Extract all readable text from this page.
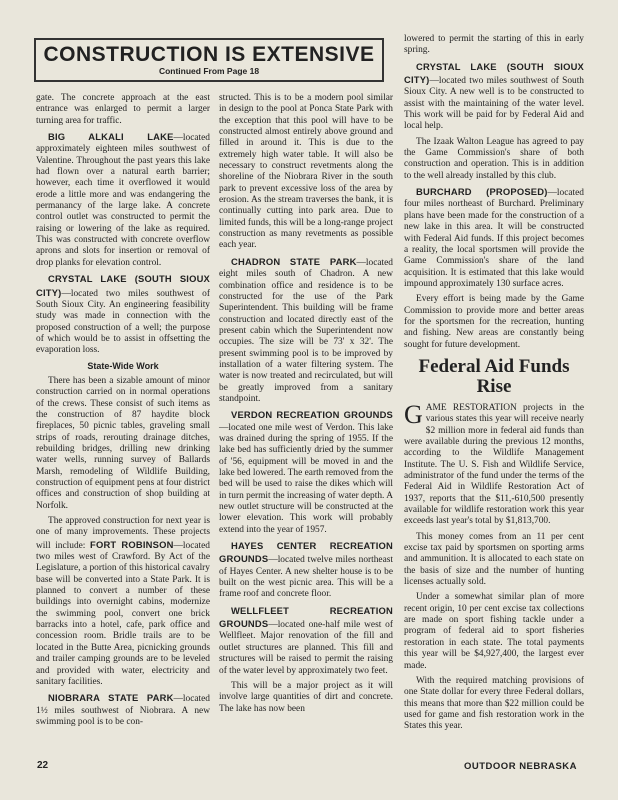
CONSTRUCTION IS EXTENSIVE
Continued From Page 18

gate. The concrete approach at the east entrance was enlarged to permit a larger turning area for traffic.

BIG ALKALI LAKE—located approximately eighteen miles southwest of Valentine. Throughout the past years this lake had flown over a natural earth barrier; however, each time it overflowed it would erode a little more and was endangering the permanancy of the large lake. A concrete control outlet was constructed to permit the raising or lowering of the lake as required. This was constructed with concrete overflow aprons and slots for insertion or removal of drop planks for elevation control.

CRYSTAL LAKE (SOUTH SIOUX CITY)—located two miles southwest of South Sioux City. An engineering feasibility study was made in connection with the proposed construction of a well; the purpose of which would be to assist in offsetting the evaporation loss.

State-Wide Work

There has been a sizable amount of minor construction carried on in normal operations of the crews. These consist of such items as the construction of 87 haydite block fireplaces, 50 picnic tables, graveling small strips of roads, rerouting drainage ditches, rebuilding bridges, drilling new drinking water wells, running survey of Ballards Marsh, remodeling of Wildlife Building, construction of equipment pens at four district offices and construction of shop building at Norfolk.

The approved construction for next year is one of many improvements. These projects will include: FORT ROBINSON—located two miles west of Crawford. By Act of the Legislature, a portion of this historical cavalry base will be converted into a State Park. It is planned to convert a number of these buildings into overnight cabins, modernize the swimming pool, convert one brick barracks into a hotel, cafe, park office and concession room. Bridle trails are to be located in the Butte Area, picnicking grounds and trailer camping grounds are to be leveled and provided with water, electricity and sanitary facilities.

NIOBRARA STATE PARK—located 1½ miles southwest of Niobrara. A new swimming pool is to be con-

structed. This is to be a modern pool similar in design to the pool at Ponca State Park with the exception that this pool will have to be constructed almost entirely above ground and filled in around it. This is due to the extremely high water table. It will also be necessary to construct revetments along the shoreline of the Niobrara River in the south park to prevent excessive loss of the area by erosion. As the stream traverses the bank, it is continually cutting into park area. Due to limited funds, this will be a long-range project construction as many revetments as possible each year.

CHADRON STATE PARK—located eight miles south of Chadron. A new combination office and residence is to be constructed for the use of the Park Superintendent. This building will be frame construction and located directly east of the present cabin which the Superintendent now occupies. The size will be 73' x 32'. The present swimming pool is to be improved by installation of a water filtering system. The water is now treated and recirculated, but will be greatly improved from a sanitary standpoint.

VERDON RECREATION GROUNDS—located one mile west of Verdon. This lake was drained during the spring of 1955. If the lake bed has sufficiently dried by the summer of '56, equipment will be moved in and the lake bed lowered. The earth removed from the bed will be used to raise the dikes which will in turn permit the increasing of water depth. A new outlet structure will be constructed at the lower elevation. This work will probably extend into the year of 1957.

HAYES CENTER RECREATION GROUNDS—located twelve miles northeast of Hayes Center. A new shelter house is to be built on the west picnic area. This will be a frame roof and concrete floor.

WELLFLEET RECREATION GROUNDS—located one-half mile west of Wellfleet. Major renovation of the fill and outlet structures are planned. This fill and structures will be raised to permit the raising of the water level by approximately two feet.

This will be a major project as it will involve large quantities of dirt and concrete. The lake has now been

lowered to permit the starting of this in early spring.

CRYSTAL LAKE (SOUTH SIOUX CITY)—located two miles southwest of South Sioux City. A new well is to be constructed to assist with the maintaining of the water level. This work will be paid for by Federal Aid and local help.

The Izaak Walton League has agreed to pay the Game Commission's share of both construction and operation. This is in addition to the well already installed by this club.

BURCHARD (PROPOSED)—located four miles northeast of Burchard. Preliminary plans have been made for the construction of a new lake in this area. It will be constructed with Federal Aid funds. If this project becomes a reality, the local sportsmen will provide the Game Commission's share of the land acquisition. It is estimated that this lake would impound approximately 130 surface acres.

Every effort is being made by the Game Commission to provide more and better areas for the sportsmen for the recreation, hunting and fishing. New areas are constantly being sought for future development.

Federal Aid Funds Rise

GAME RESTORATION projects in the various states this year will receive nearly $2 million more in federal aid funds than were available during the previous 12 months, according to the Wildlife Management Institute. The U. S. Fish and Wildlife Service, administrator of the fund under the terms of the Federal Aid in Wildlife Restoration Act of 1937, reports that the $11,-610,500 presently available for wildlife restoration work this year exceeds last year's total by $1,813,700.

This money comes from an 11 per cent excise tax paid by sportsmen on sporting arms and ammunition. It is allocated to each state on the basis of size and the number of hunting licenses actually sold.

Under a somewhat similar plan of more recent origin, 10 per cent excise tax collections are made on sport fishing tackle under a program of federal aid to sport fisheries restoration in each state. The total payments this year will be $4,927,400, the largest ever made.

With the required matching provisions of one State dollar for every three Federal dollars, this means that more than $22 million could be used for game and fish restoration work in the States this year.

22	OUTDOOR NEBRASKA
